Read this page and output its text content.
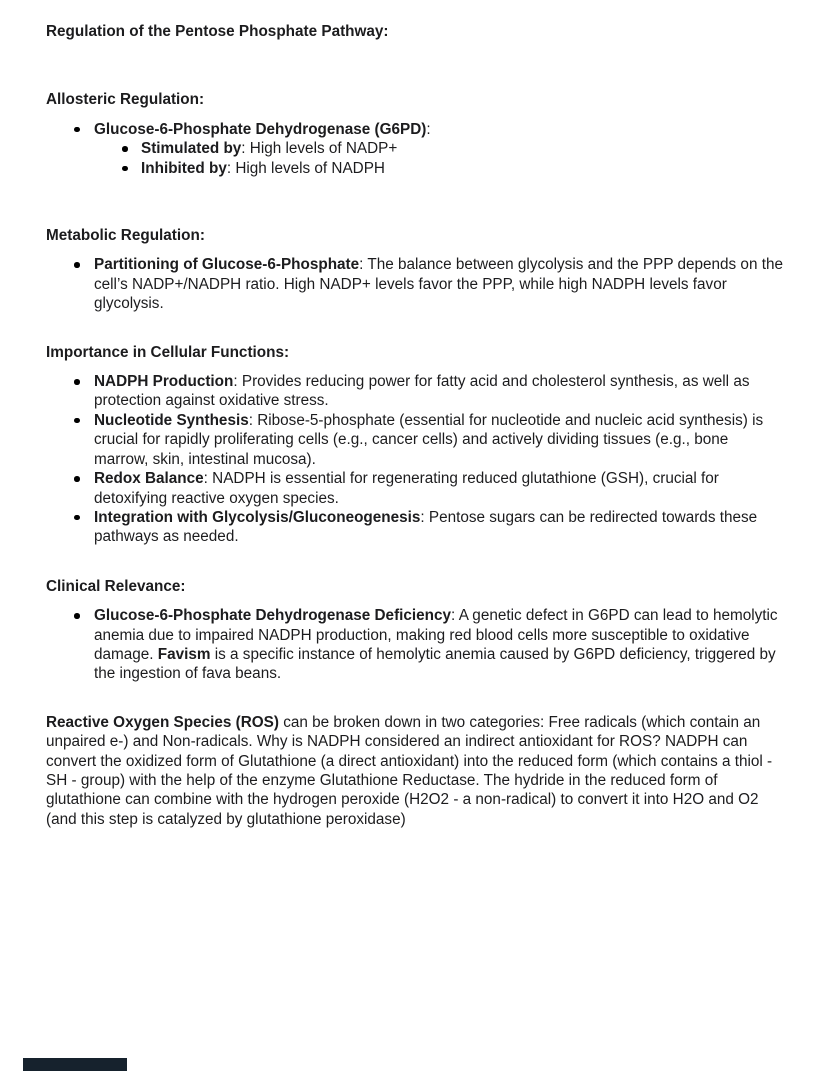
Regulation of the Pentose Phosphate Pathway:
Allosteric Regulation:
Glucose-6-Phosphate Dehydrogenase (G6PD):
Stimulated by: High levels of NADP+
Inhibited by: High levels of NADPH
Metabolic Regulation:
Partitioning of Glucose-6-Phosphate: The balance between glycolysis and the PPP depends on the cell’s NADP+/NADPH ratio. High NADP+ levels favor the PPP, while high NADPH levels favor glycolysis.
Importance in Cellular Functions:
NADPH Production: Provides reducing power for fatty acid and cholesterol synthesis, as well as protection against oxidative stress.
Nucleotide Synthesis: Ribose-5-phosphate (essential for nucleotide and nucleic acid synthesis) is crucial for rapidly proliferating cells (e.g., cancer cells) and actively dividing tissues (e.g., bone marrow, skin, intestinal mucosa).
Redox Balance: NADPH is essential for regenerating reduced glutathione (GSH), crucial for detoxifying reactive oxygen species.
Integration with Glycolysis/Gluconeogenesis: Pentose sugars can be redirected towards these pathways as needed.
Clinical Relevance:
Glucose-6-Phosphate Dehydrogenase Deficiency: A genetic defect in G6PD can lead to hemolytic anemia due to impaired NADPH production, making red blood cells more susceptible to oxidative damage. Favism is a specific instance of hemolytic anemia caused by G6PD deficiency, triggered by the ingestion of fava beans.

Reactive Oxygen Species (ROS) can be broken down in two categories: Free radicals (which contain an unpaired e-) and Non-radicals. Why is NADPH considered an indirect antioxidant for ROS? NADPH can convert the oxidized form of Glutathione (a direct antioxidant) into the reduced form (which contains a thiol - SH - group) with the help of the enzyme Glutathione Reductase. The hydride in the reduced form of glutathione can combine with the hydrogen peroxide (H2O2 - a non-radical) to convert it into H2O and O2 (and this step is catalyzed by glutathione peroxidase)
